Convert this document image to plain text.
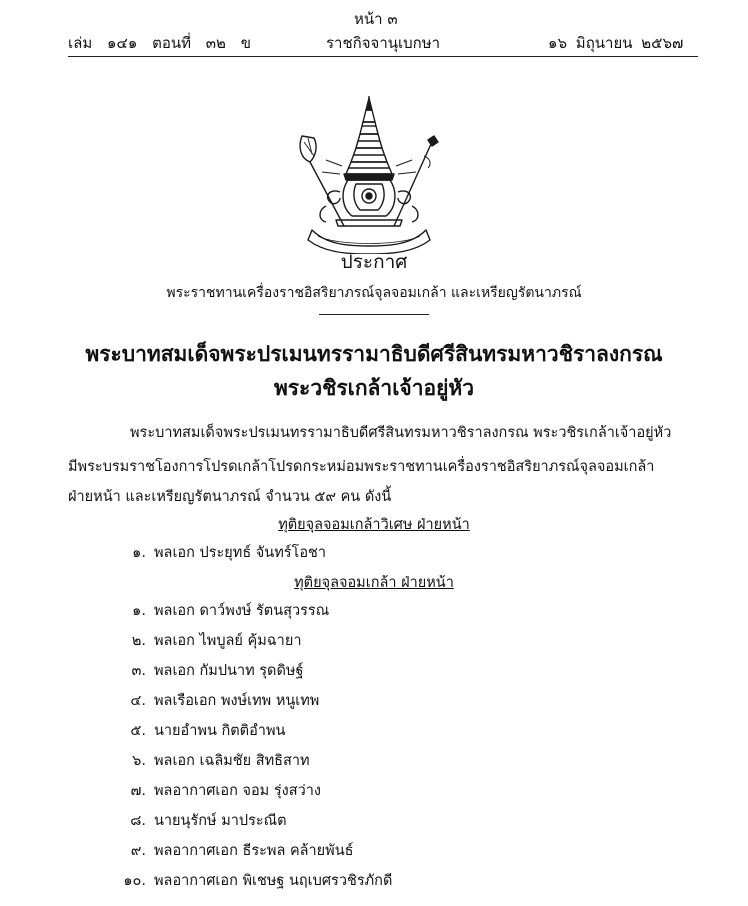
หน้า ๓
เล่ม ๑๔๑ ตอนที่ ๓๒ ข	ราชกิจจานุเบกษา	๑๖ มิถุนายน ๒๕๖๗
ประกาศ
พระราชทานเครื่องราชอิสริยาภรณ์จุลจอมเกล้า และเหรียญรัตนาภรณ์
พระบาทสมเด็จพระปรเมนทรรามาธิบดีศรีสินทรมหาวชิราลงกรณ
พระวชิรเกล้าเจ้าอยู่หัว
พระบาทสมเด็จพระปรเมนทรรามาธิบดีศรีสินทรมหาวชิราลงกรณ พระวชิรเกล้าเจ้าอยู่หัว
มีพระบรมราชโองการโปรดเกล้าโปรดกระหม่อมพระราชทานเครื่องราชอิสริยาภรณ์จุลจอมเกล้า
ฝ่ายหน้า และเหรียญรัตนาภรณ์ จำนวน ๕๙ คน ดังนี้
ทุติยจุลจอมเกล้าวิเศษ ฝ่ายหน้า
๑. พลเอก ประยุทธ์ จันทร์โอชา
ทุติยจุลจอมเกล้า ฝ่ายหน้า
๑. พลเอก ดาว์พงษ์ รัตนสุวรรณ
๒. พลเอก ไพบูลย์ คุ้มฉายา
๓. พลเอก กัมปนาท รุดดิษฐ์
๔. พลเรือเอก พงษ์เทพ หนูเทพ
๕. นายอำพน กิตติอำพน
๖. พลเอก เฉลิมชัย สิทธิสาท
๗. พลอากาศเอก จอม รุ่งสว่าง
๘. นายนุรักษ์ มาประณีต
๙. พลอากาศเอก ธีระพล คล้ายพันธ์
๑๐. พลอากาศเอก พิเชษฐ นฤเบศรวชิรภักดี
